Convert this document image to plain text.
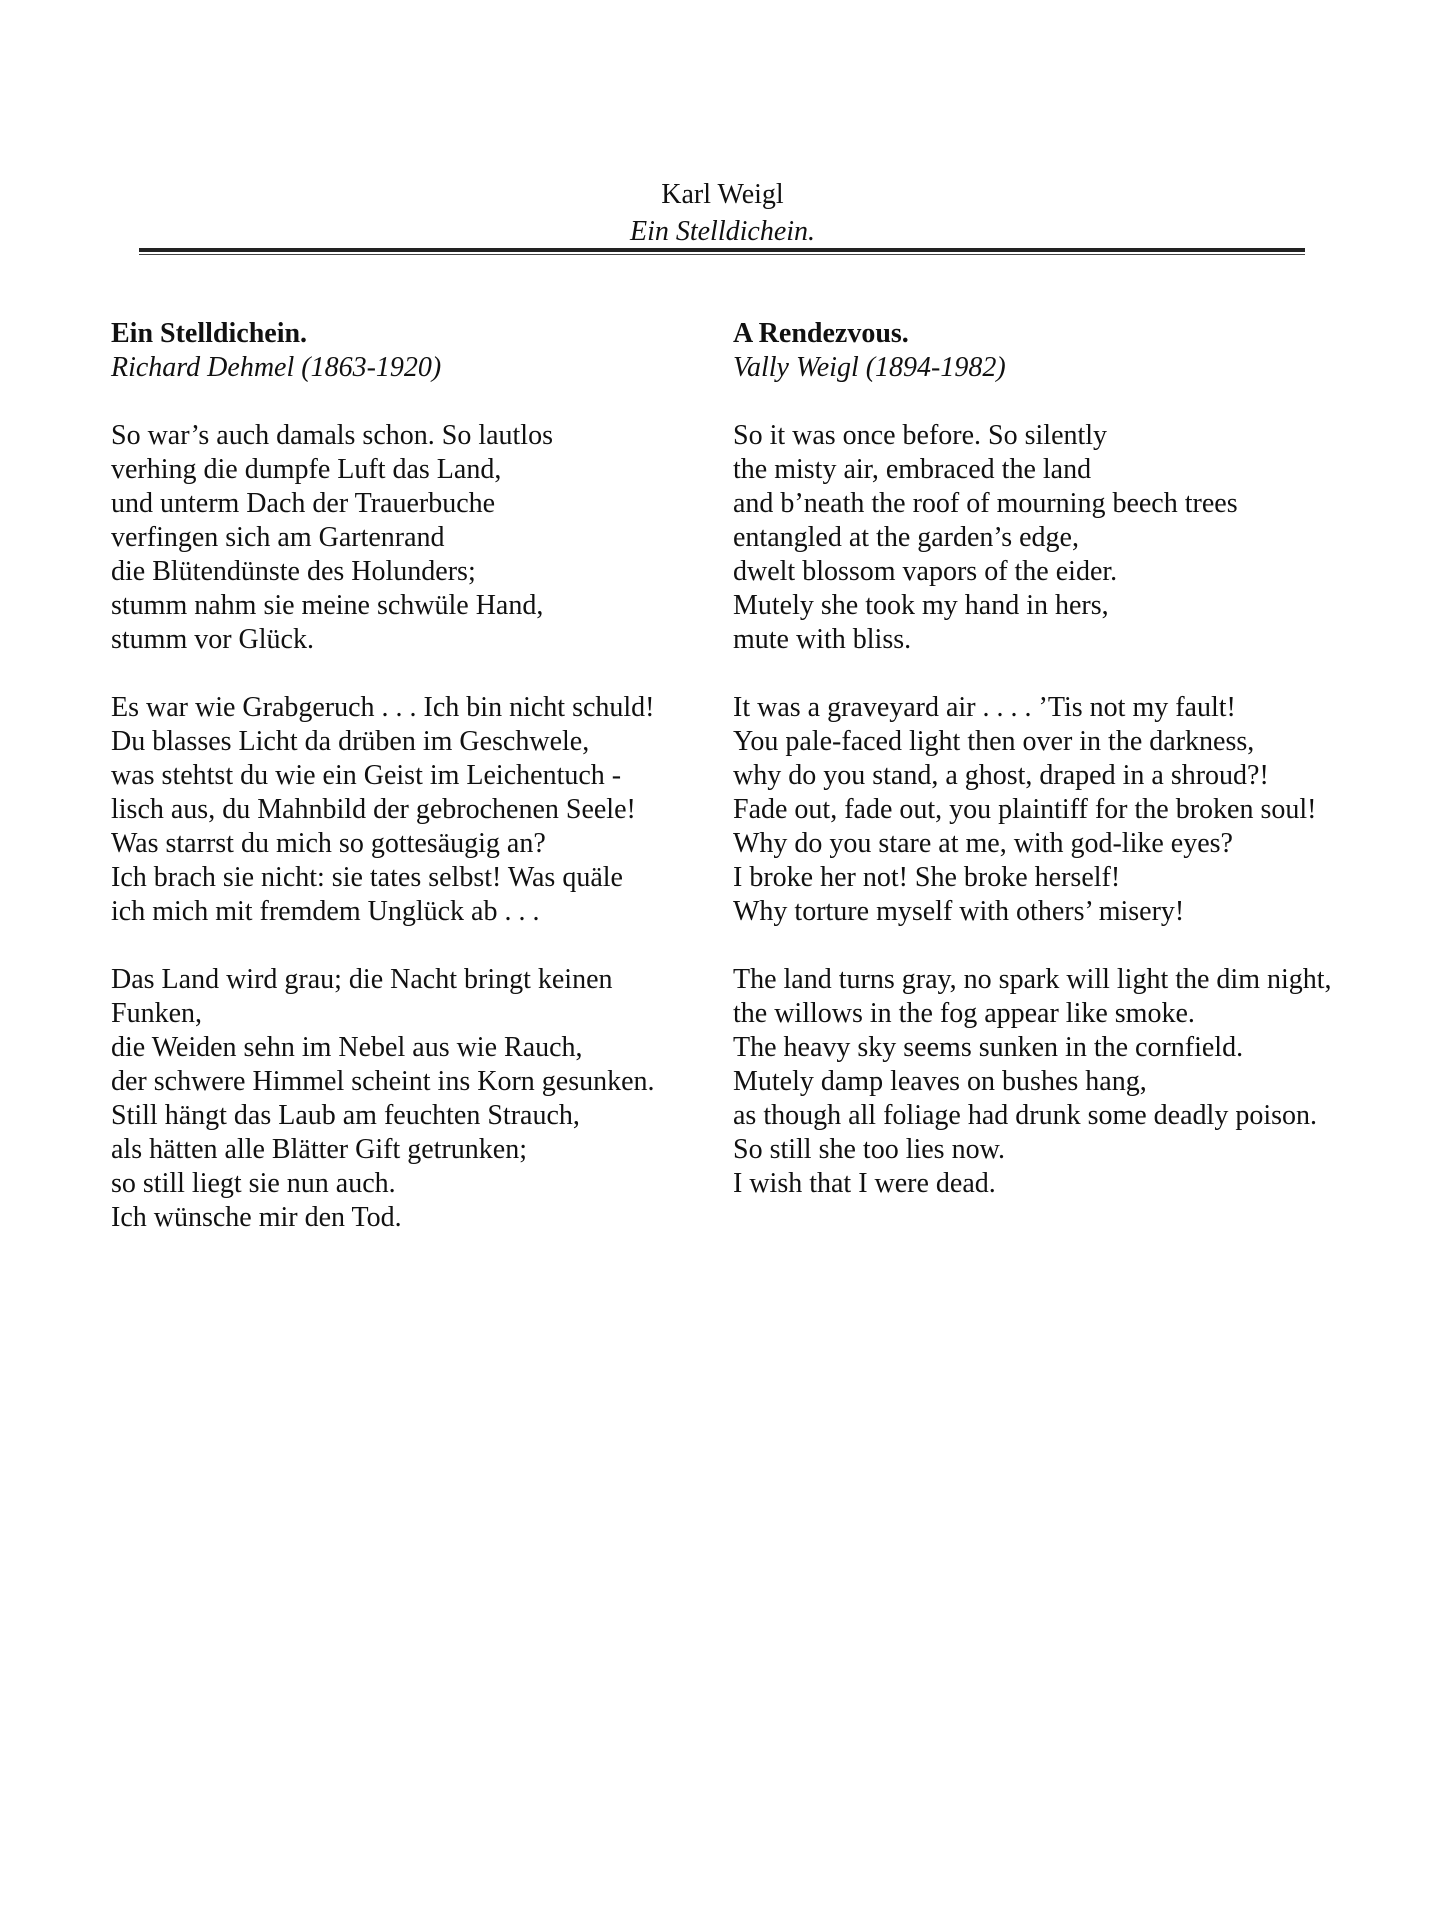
Karl Weigl
Ein Stelldichein.
Ein Stelldichein.
Richard Dehmel (1863-1920)
So war’s auch damals schon. So lautlos
verhing die dumpfe Luft das Land,
und unterm Dach der Trauerbuche
verfingen sich am Gartenrand
die Blütendünste des Holunders;
stumm nahm sie meine schwüle Hand,
stumm vor Glück.
Es war wie Grabgeruch . . . Ich bin nicht schuld!
Du blasses Licht da drüben im Geschwele,
was stehtst du wie ein Geist im Leichentuch -
lisch aus, du Mahnbild der gebrochenen Seele!
Was starrst du mich so gottesäugig an?
Ich brach sie nicht: sie tates selbst! Was quäle
ich mich mit fremdem Unglück ab . . .
Das Land wird grau; die Nacht bringt keinen
Funken,
die Weiden sehn im Nebel aus wie Rauch,
der schwere Himmel scheint ins Korn gesunken.
Still hängt das Laub am feuchten Strauch,
als hätten alle Blätter Gift getrunken;
so still liegt sie nun auch.
Ich wünsche mir den Tod.
A Rendezvous.
Vally Weigl (1894-1982)
So it was once before. So silently
the misty air, embraced the land
and b’neath the roof of mourning beech trees
entangled at the garden’s edge,
dwelt blossom vapors of the eider.
Mutely she took my hand in hers,
mute with bliss.
It was a graveyard air . . . . ’Tis not my fault!
You pale-faced light then over in the darkness,
why do you stand, a ghost, draped in a shroud?!
Fade out, fade out, you plaintiff for the broken soul!
Why do you stare at me, with god-like eyes?
I broke her not! She broke herself!
Why torture myself with others’ misery!
The land turns gray, no spark will light the dim night,
the willows in the fog appear like smoke.
The heavy sky seems sunken in the cornfield.
Mutely damp leaves on bushes hang,
as though all foliage had drunk some deadly poison.
So still she too lies now.
I wish that I were dead.
